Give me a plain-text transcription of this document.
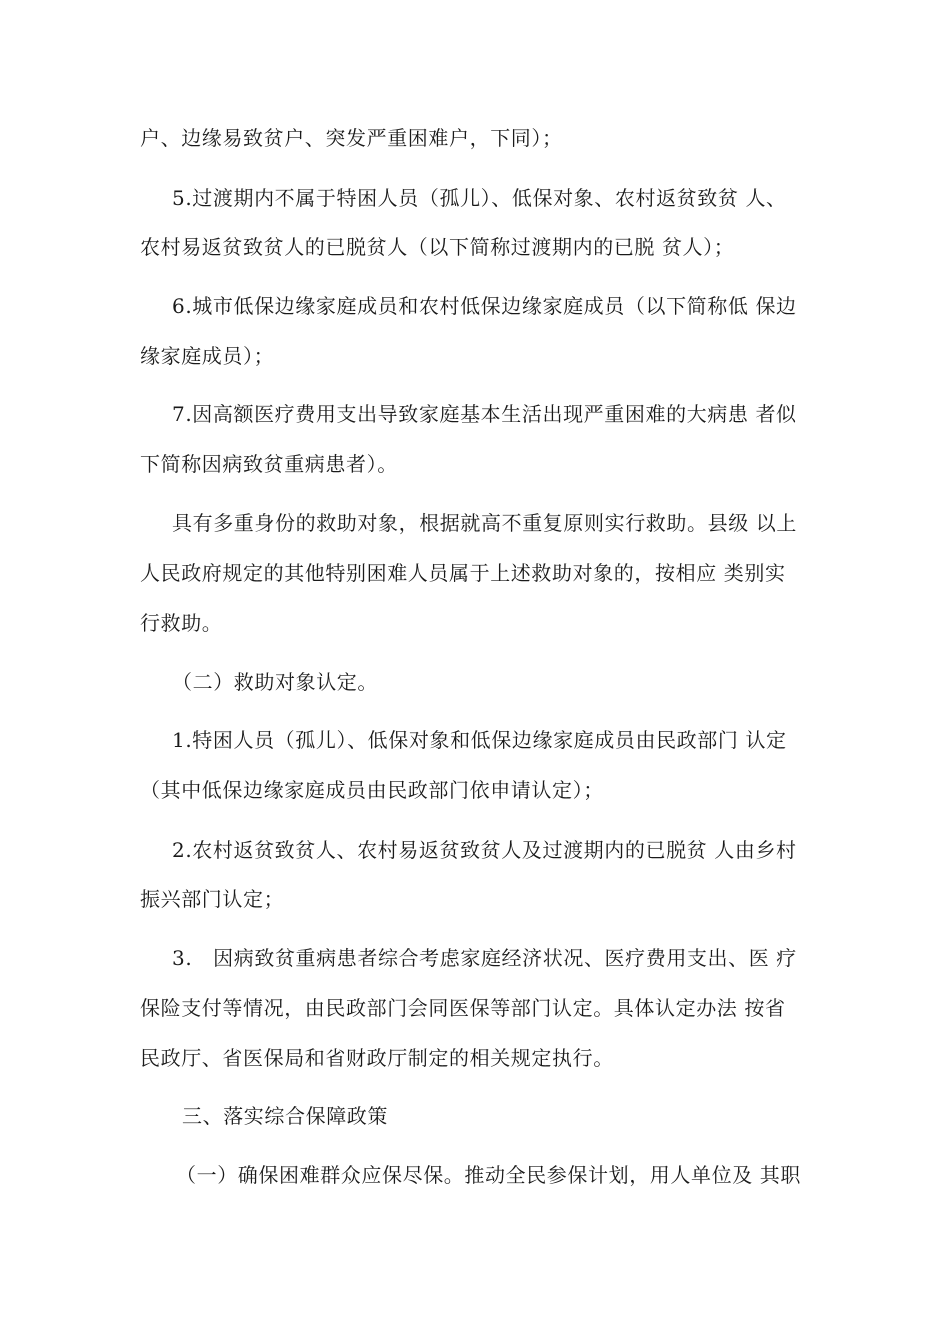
户、边缘易致贫户、突发严重困难户，下同）；
5.过渡期内不属于特困人员（孤儿）、低保对象、农村返贫致贫 人、
农村易返贫致贫人的已脱贫人（以下简称过渡期内的已脱 贫人）；
6.城市低保边缘家庭成员和农村低保边缘家庭成员（以下简称低 保边
缘家庭成员）；
7.因高额医疗费用支出导致家庭基本生活出现严重困难的大病患 者似
下简称因病致贫重病患者）。
具有多重身份的救助对象，根据就高不重复原则实行救助。县级 以上
人民政府规定的其他特别困难人员属于上述救助对象的，按相应 类别实
行救助。
（二）救助对象认定。
1.特困人员（孤儿）、低保对象和低保边缘家庭成员由民政部门 认定
（其中低保边缘家庭成员由民政部门依申请认定）；
2.农村返贫致贫人、农村易返贫致贫人及过渡期内的已脱贫 人由乡村
振兴部门认定；
3.   因病致贫重病患者综合考虑家庭经济状况、医疗费用支出、医 疗
保险支付等情况，由民政部门会同医保等部门认定。具体认定办法 按省
民政厅、省医保局和省财政厅制定的相关规定执行。
三、落实综合保障政策
（一）确保困难群众应保尽保。推动全民参保计划，用人单位及 其职
